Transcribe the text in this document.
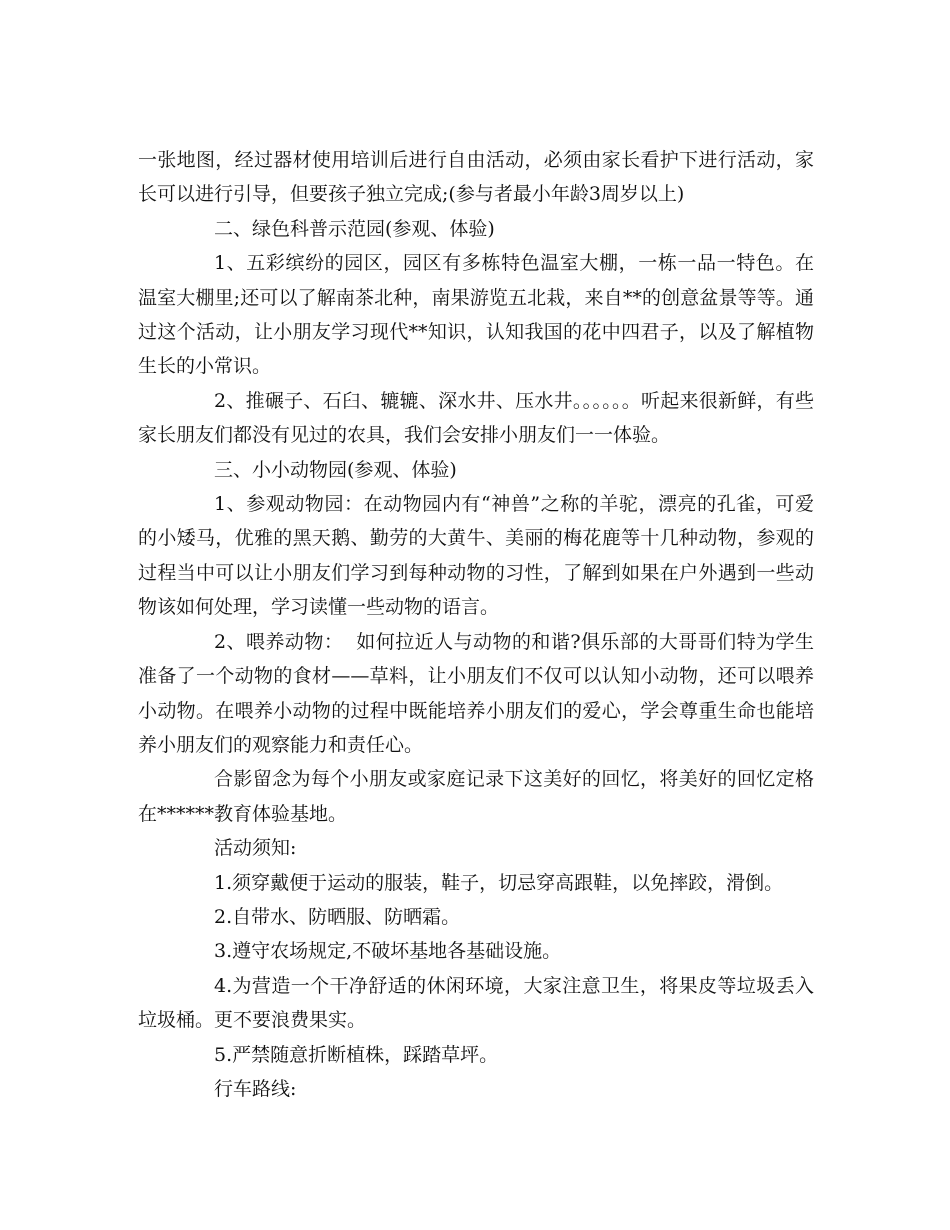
一张地图，经过器材使用培训后进行自由活动，必须由家长看护下进行活动，家长可以进行引导，但要孩子独立完成;(参与者最小年龄3周岁以上)

二、绿色科普示范园(参观、体验)

1、五彩缤纷的园区，园区有多栋特色温室大棚，一栋一品一特色。在温室大棚里;还可以了解南茶北种，南果游览五北栽，来自**的创意盆景等等。通过这个活动，让小朋友学习现代**知识，认知我国的花中四君子，以及了解植物生长的小常识。

2、推碾子、石臼、辘辘、深水井、压水井。。。。。。听起来很新鲜，有些家长朋友们都没有见过的农具，我们会安排小朋友们一一体验。

三、小小动物园(参观、体验)

1、参观动物园：在动物园内有“神兽”之称的羊驼，漂亮的孔雀，可爱的小矮马，优雅的黑天鹅、勤劳的大黄牛、美丽的梅花鹿等十几种动物，参观的过程当中可以让小朋友们学习到每种动物的习性，了解到如果在户外遇到一些动物该如何处理，学习读懂一些动物的语言。

2、喂养动物：  如何拉近人与动物的和谐?俱乐部的大哥哥们特为学生准备了一个动物的食材——草料，让小朋友们不仅可以认知小动物，还可以喂养小动物。在喂养小动物的过程中既能培养小朋友们的爱心，学会尊重生命也能培养小朋友们的观察能力和责任心。

合影留念为每个小朋友或家庭记录下这美好的回忆，将美好的回忆定格在******教育体验基地。

活动须知:

1.须穿戴便于运动的服装，鞋子，切忌穿高跟鞋，以免摔跤，滑倒。

2.自带水、防晒服、防晒霜。

3.遵守农场规定,不破坏基地各基础设施。

4.为营造一个干净舒适的休闲环境，大家注意卫生，将果皮等垃圾丢入垃圾桶。更不要浪费果实。

5.严禁随意折断植株，踩踏草坪。

行车路线:
